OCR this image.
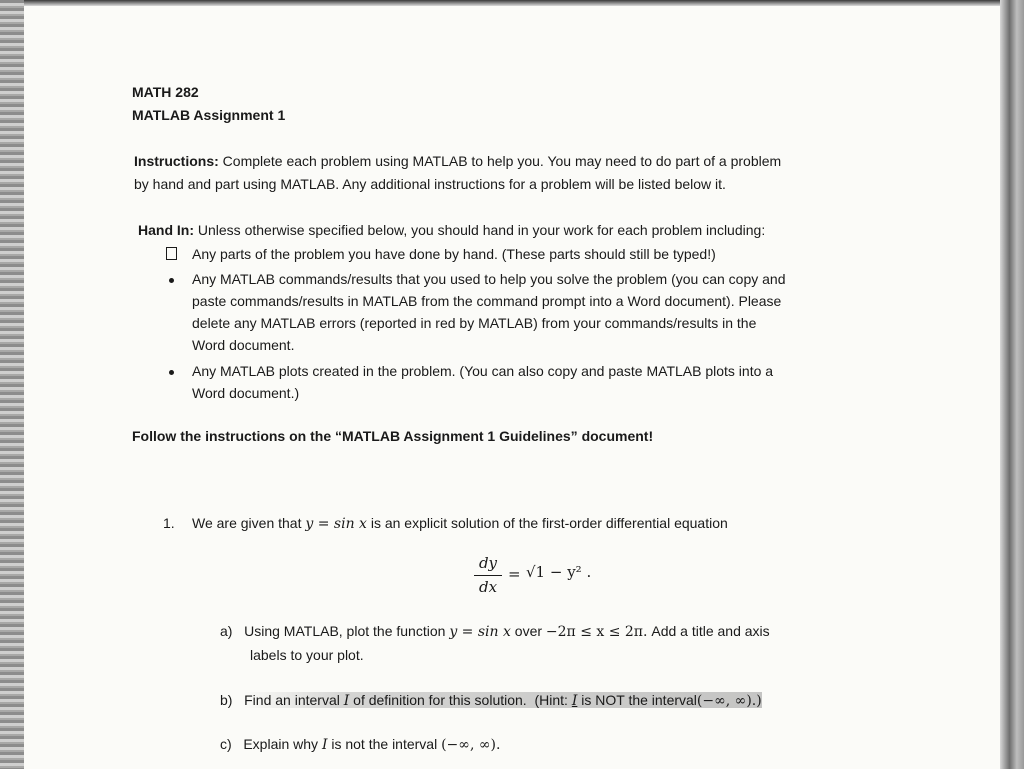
MATH 282

MATLAB Assignment 1

Instructions: Complete each problem using MATLAB to help you. You may need to do part of a problem

by hand and part using MATLAB. Any additional instructions for a problem will be listed below it.

Hand In: Unless otherwise specified below, you should hand in your work for each problem including:

Any parts of the problem you have done by hand. (These parts should still be typed!)

Any MATLAB commands/results that you used to help you solve the problem (you can copy and

paste commands/results in MATLAB from the command prompt into a Word document). Please

delete any MATLAB errors (reported in red by MATLAB) from your commands/results in the

Word document.

Any MATLAB plots created in the problem. (You can also copy and paste MATLAB plots into a

Word document.)

Follow the instructions on the “MATLAB Assignment 1 Guidelines” document!

1. We are given that y = sin x is an explicit solution of the first-order differential equation

dy
dx
= √1 − y² .

a) Using MATLAB, plot the function y = sin x over −2π ≤ x ≤ 2π. Add a title and axis

labels to your plot.

b) Find an interval I of definition for this solution. (Hint: I is NOT the interval(−∞, ∞).)

c) Explain why I is not the interval (−∞, ∞).
